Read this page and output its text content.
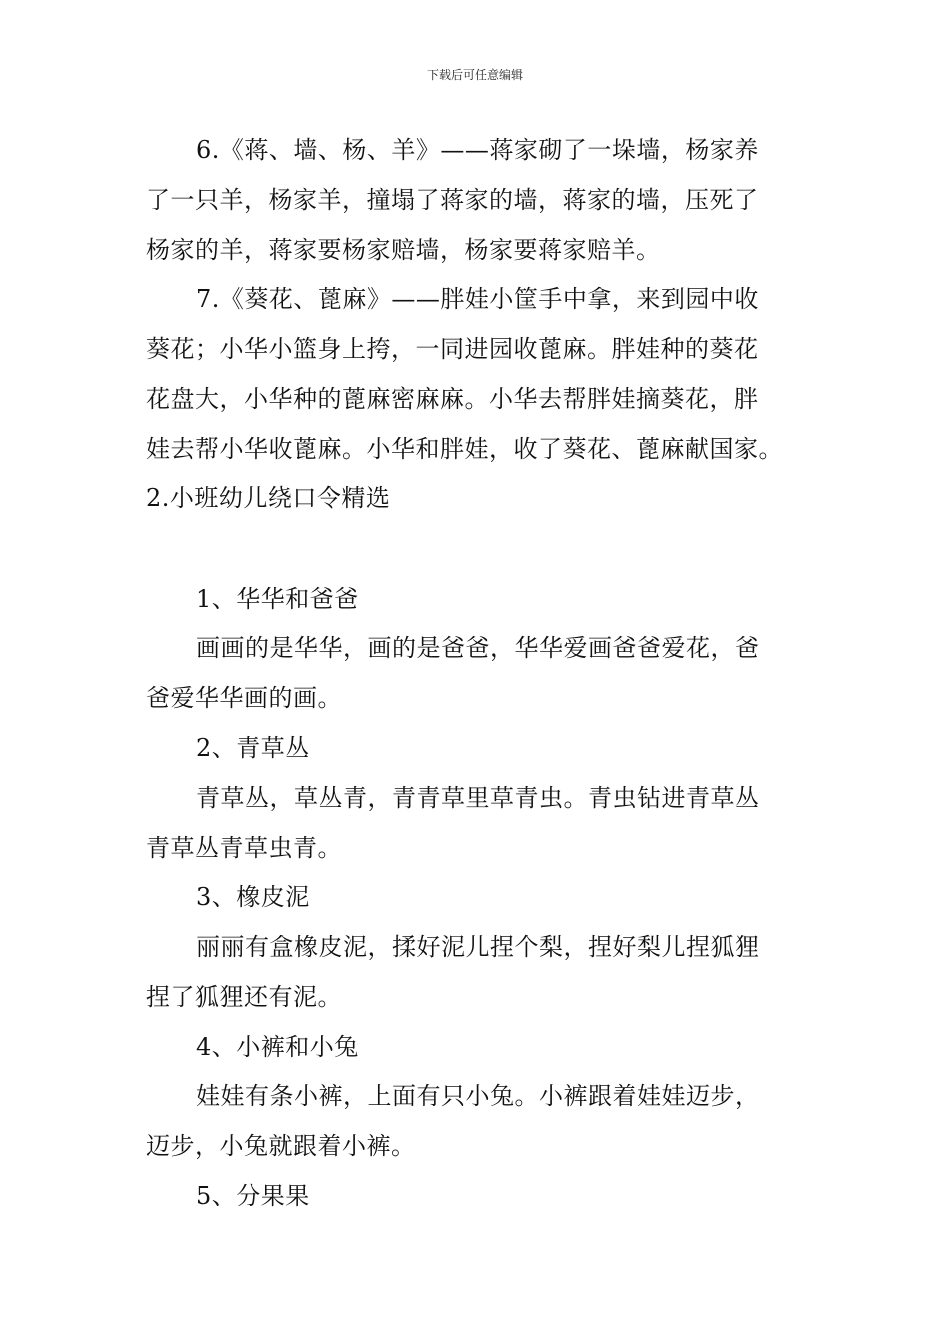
下载后可任意编辑
6.《蒋、墙、杨、羊》——蒋家砌了一垛墙，杨家养
了一只羊，杨家羊，撞塌了蒋家的墙，蒋家的墙，压死了
杨家的羊，蒋家要杨家赔墙，杨家要蒋家赔羊。
7.《葵花、蓖麻》——胖娃小筐手中拿，来到园中收
葵花；小华小篮身上挎，一同进园收蓖麻。胖娃种的葵花
花盘大，小华种的蓖麻密麻麻。小华去帮胖娃摘葵花，胖
娃去帮小华收蓖麻。小华和胖娃，收了葵花、蓖麻献国家。
2.小班幼儿绕口令精选
1、华华和爸爸
画画的是华华，画的是爸爸，华华爱画爸爸爱花，爸
爸爱华华画的画。
2、青草丛
青草丛，草丛青，青青草里草青虫。青虫钻进青草丛
青草丛青草虫青。
3、橡皮泥
丽丽有盒橡皮泥，揉好泥儿捏个梨，捏好梨儿捏狐狸
捏了狐狸还有泥。
4、小裤和小兔
娃娃有条小裤，上面有只小兔。小裤跟着娃娃迈步，
迈步，小兔就跟着小裤。
5、分果果
